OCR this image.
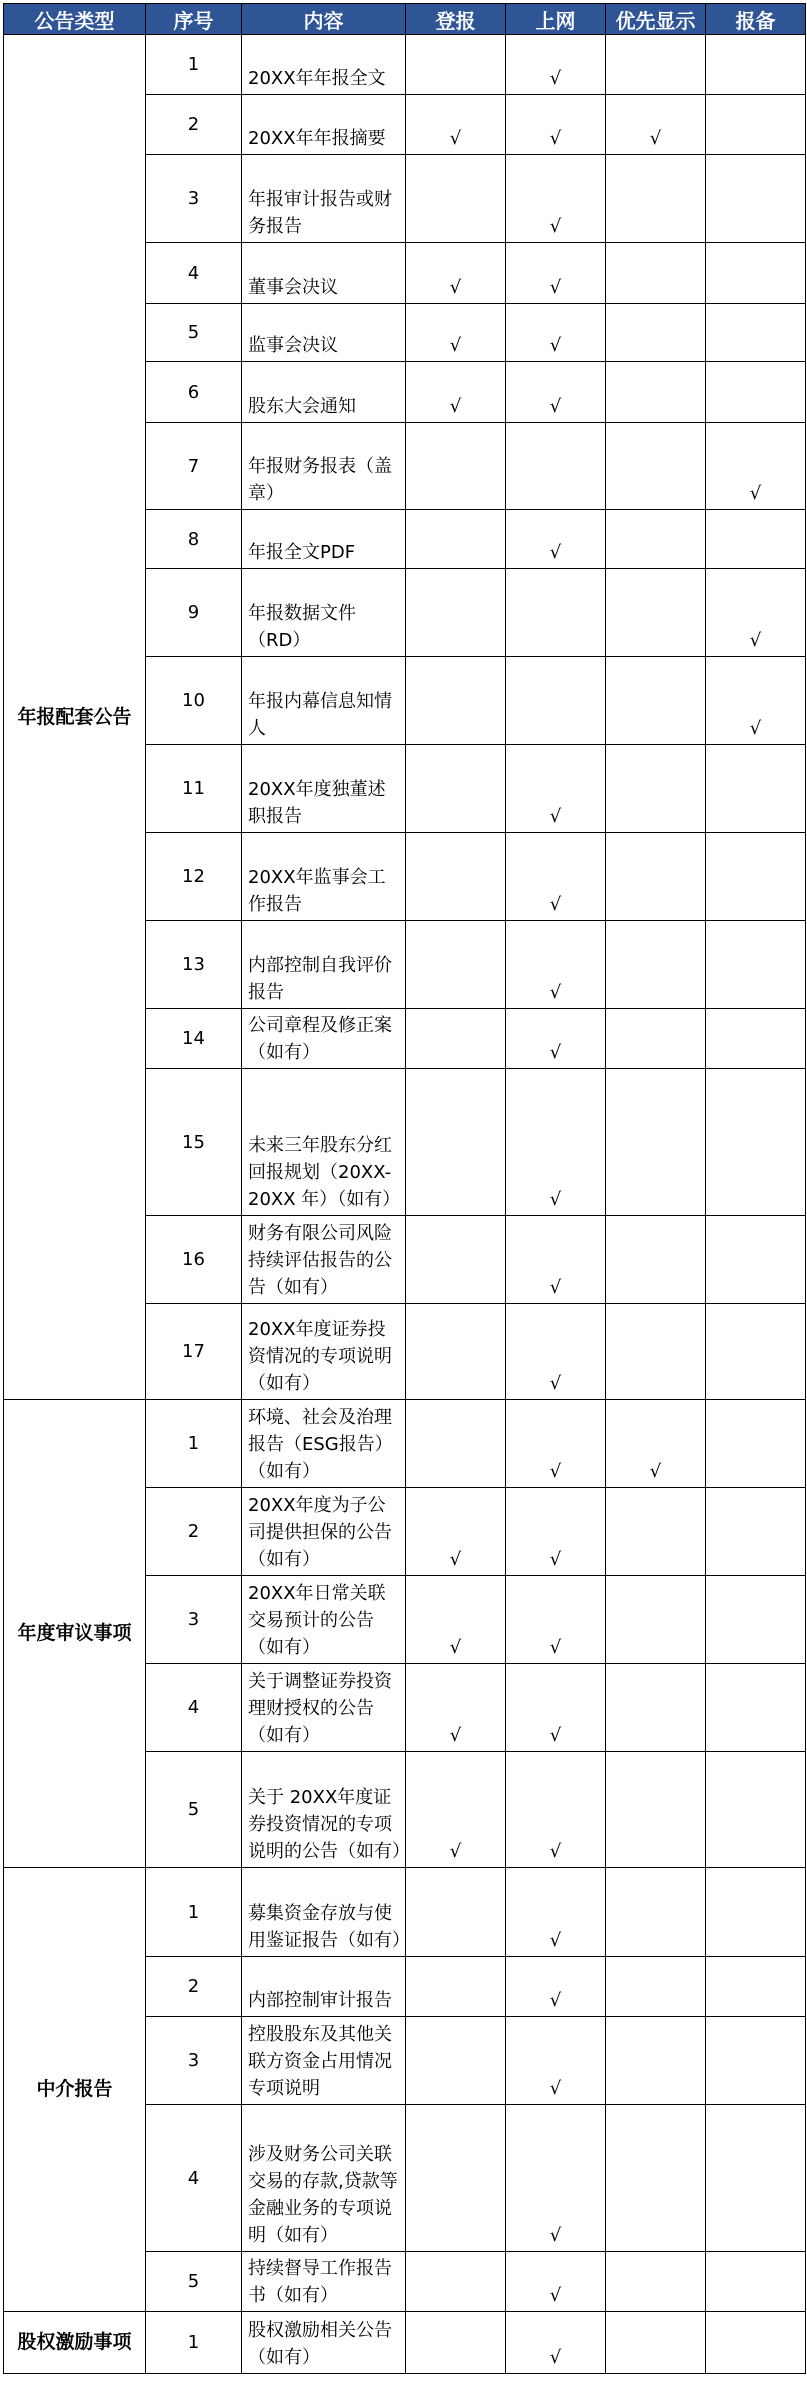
公告类型	序号	内容	登报	上网	优先显示	报备
年报配套公告	1	20XX年年报全文		√		
	2	20XX年年报摘要	√	√	√	
	3	年报审计报告或财务报告		√		
	4	董事会决议	√	√		
	5	监事会决议	√	√		
	6	股东大会通知	√	√		
	7	年报财务报表（盖章）				√
	8	年报全文PDF		√		
	9	年报数据文件（RD）				√
	10	年报内幕信息知情人				√
	11	20XX年度独董述职报告		√		
	12	20XX年监事会工作报告		√		
	13	内部控制自我评价报告		√		
	14	公司章程及修正案（如有）		√		
	15	未来三年股东分红回报规划（20XX-20XX 年）（如有）		√		
	16	财务有限公司风险持续评估报告的公告（如有）		√		
	17	20XX年度证券投资情况的专项说明（如有）		√		
年度审议事项	1	环境、社会及治理报告（ESG报告）（如有）		√	√	
	2	20XX年度为子公司提供担保的公告（如有）	√	√		
	3	20XX年日常关联交易预计的公告（如有）	√	√		
	4	关于调整证券投资理财授权的公告（如有）	√	√		
	5	关于 20XX年度证券投资情况的专项说明的公告（如有）	√	√		
中介报告	1	募集资金存放与使用鉴证报告（如有）		√		
	2	内部控制审计报告		√		
	3	控股股东及其他关联方资金占用情况专项说明		√		
	4	涉及财务公司关联交易的存款,贷款等金融业务的专项说明（如有）		√		
	5	持续督导工作报告书（如有）		√		
股权激励事项	1	股权激励相关公告（如有）		√		
